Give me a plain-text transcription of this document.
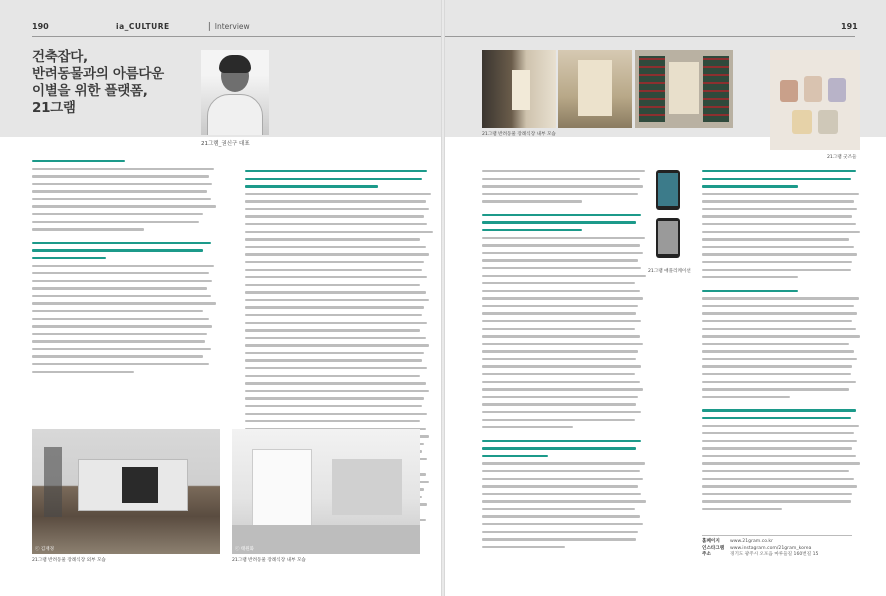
190	ia_CULTURE	▏Interview
건축잡다,
반려동물과의 아름다운
이별을 위한 플랫폼,
21그램
21그램_권신구 대표
ⓒ 김재경
21그램 반려동물 장례식장 외부 모습
ⓒ 태원화
21그램 반려동물 장례식장 내부 모습
191
21그램 반려동물 장례식장 내부 모습
21그램 굿즈들
21그램 애플리케이션
홈페이지	www.21gram.co.kr
인스타그램	www.instagram.com/21gram_korea
주소	경기도 광주시 오포읍 마루들길 160번길 15
